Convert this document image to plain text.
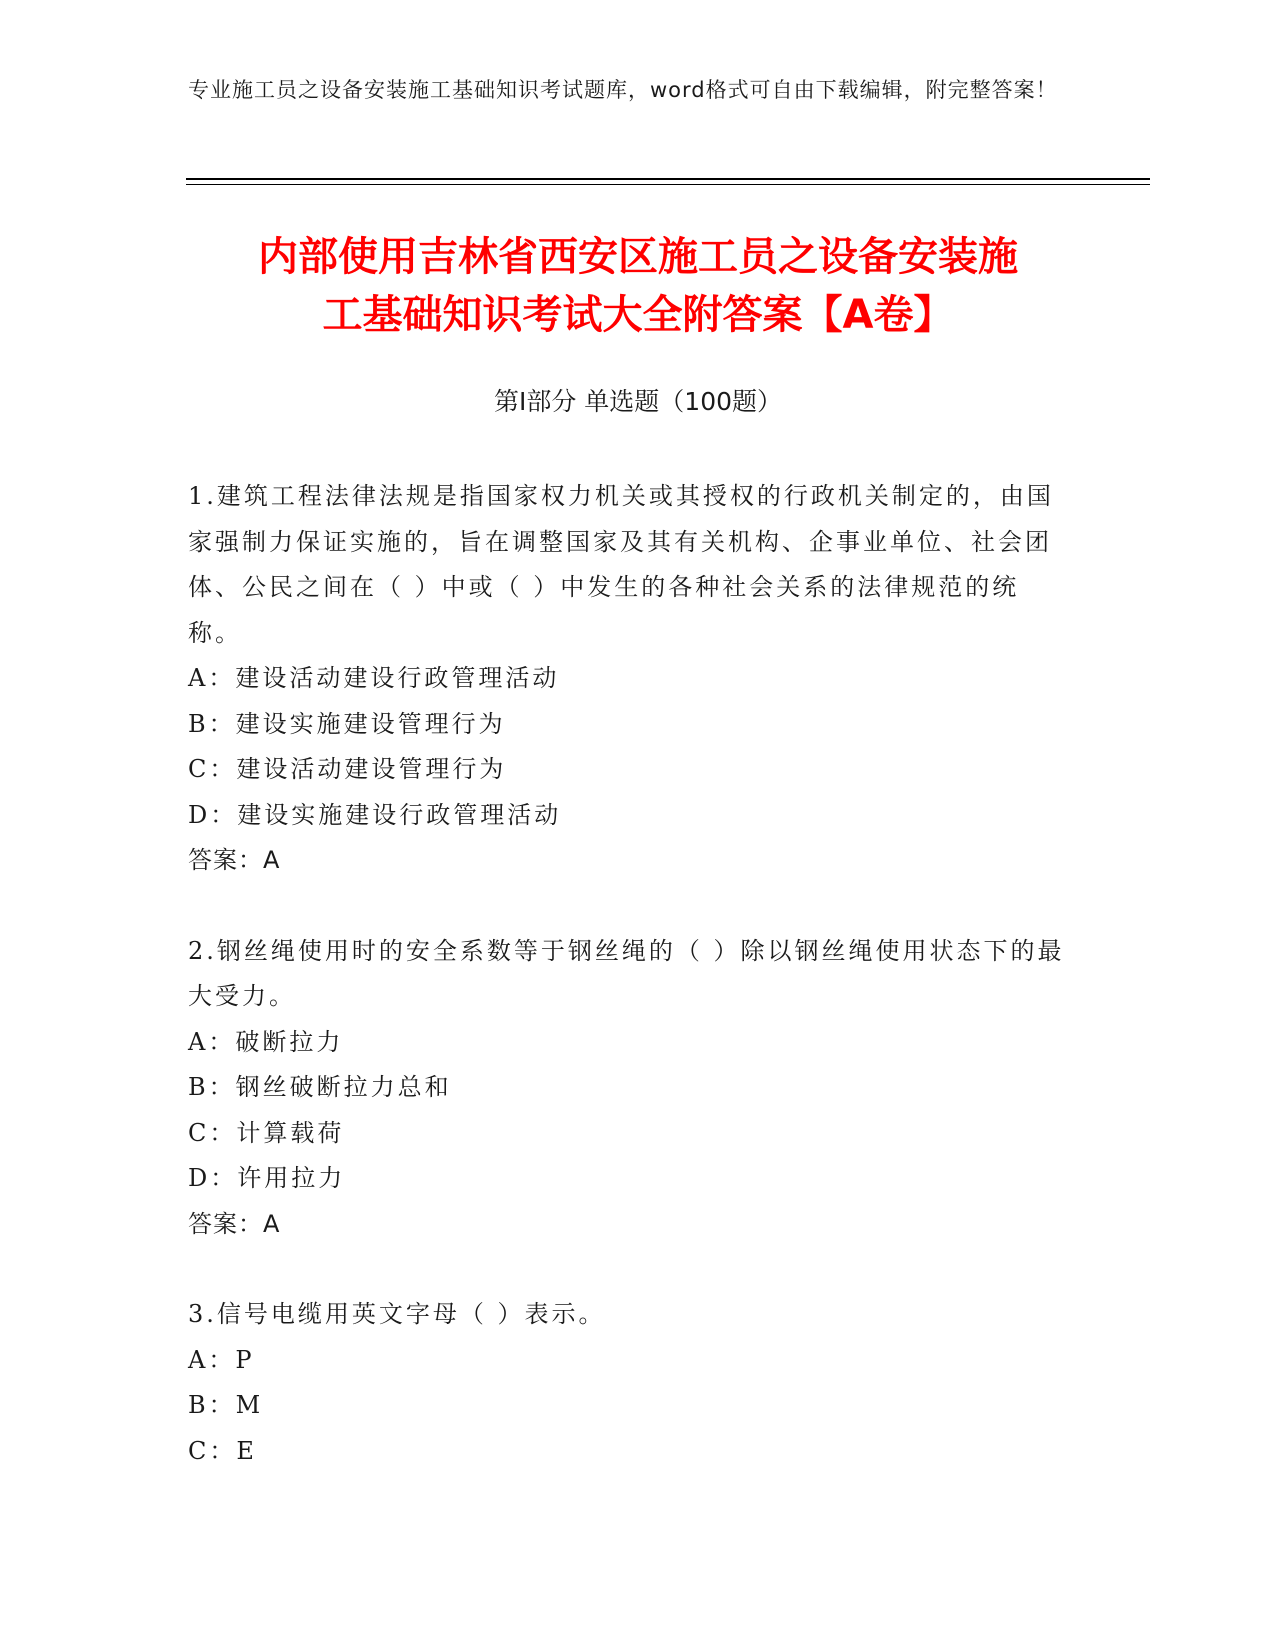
专业施工员之设备安装施工基础知识考试题库，word格式可自由下载编辑，附完整答案！
内部使用吉林省西安区施工员之设备安装施
工基础知识考试大全附答案【A卷】
第Ⅰ部分 单选题（100题）
1.建筑工程法律法规是指国家权力机关或其授权的行政机关制定的，由国家强制力保证实施的，旨在调整国家及其有关机构、企事业单位、社会团体、公民之间在（ ）中或（ ）中发生的各种社会关系的法律规范的统称。
A：建设活动建设行政管理活动
B：建设实施建设管理行为
C：建设活动建设管理行为
D：建设实施建设行政管理活动
答案：A
2.钢丝绳使用时的安全系数等于钢丝绳的（ ）除以钢丝绳使用状态下的最大受力。
A：破断拉力
B：钢丝破断拉力总和
C：计算载荷
D：许用拉力
答案：A
3.信号电缆用英文字母（ ）表示。
A：P
B：M
C：E
